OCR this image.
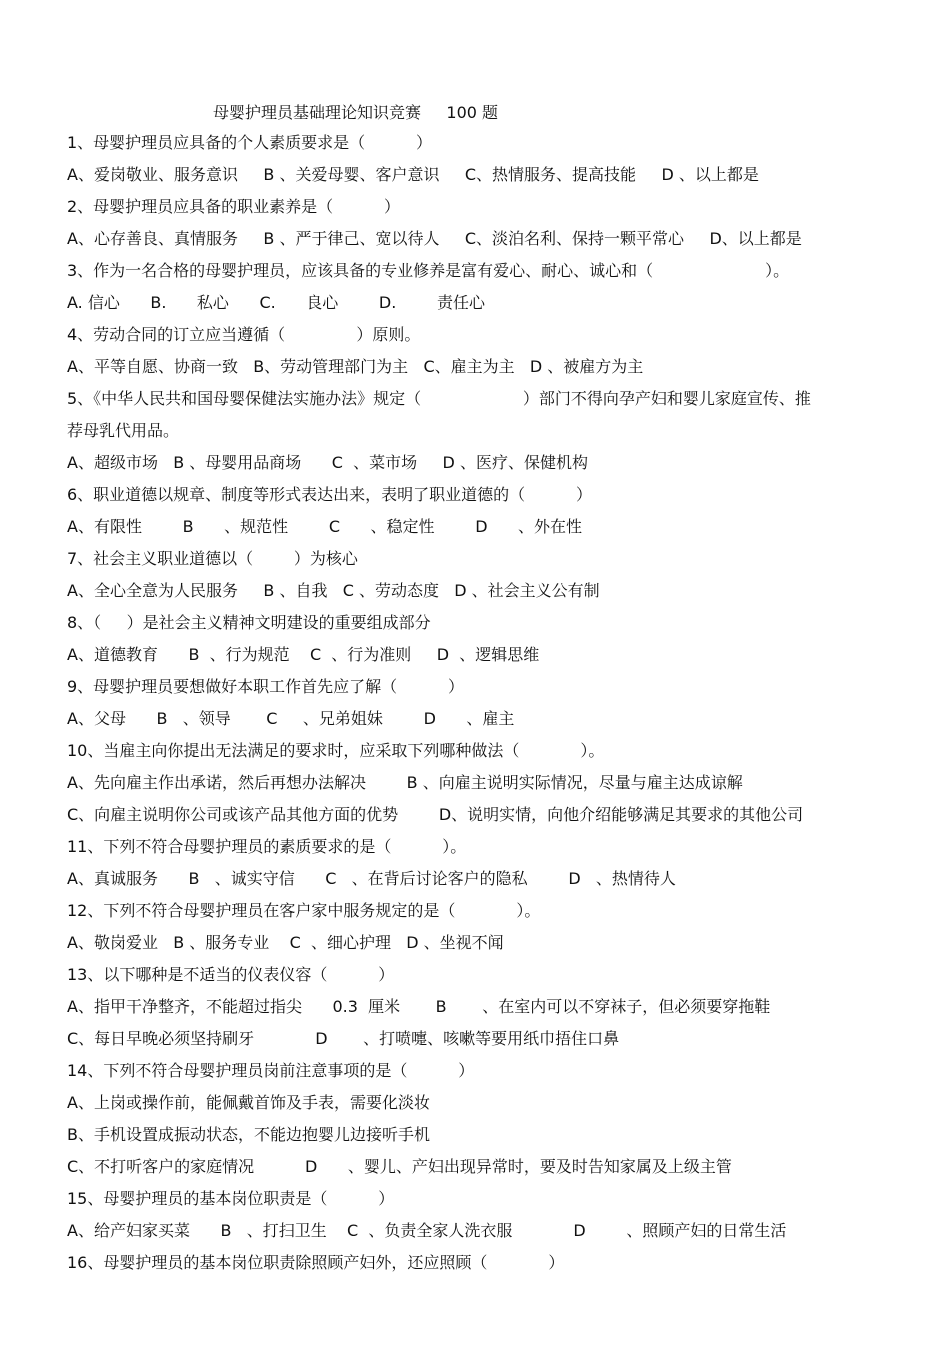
母婴护理员基础理论知识竞赛     100 题
1、母婴护理员应具备的个人素质要求是（          ）
A、爱岗敬业、服务意识     B 、关爱母婴、客户意识     C、热情服务、提高技能     D 、以上都是
2、母婴护理员应具备的职业素养是（          ）
A、心存善良、真情服务     B 、严于律己、宽以待人     C、淡泊名利、保持一颗平常心     D、以上都是
3、作为一名合格的母婴护理员，应该具备的专业修养是富有爱心、耐心、诚心和（                      ）。
A. 信心      B.      私心      C.      良心        D.        责任心
4、劳动合同的订立应当遵循（              ）原则。
A、平等自愿、协商一致   B、劳动管理部门为主   C、雇主为主   D 、被雇方为主
5、《中华人民共和国母婴保健法实施办法》规定（                    ）部门不得向孕产妇和婴儿家庭宣传、推
荐母乳代用品。
A、超级市场   B 、母婴用品商场      C  、菜市场     D 、医疗、保健机构
6、职业道德以规章、制度等形式表达出来，表明了职业道德的（          ）
A、有限性        B      、规范性        C      、稳定性        D      、外在性
7、社会主义职业道德以（        ）为核心
A、全心全意为人民服务     B 、自我   C 、劳动态度   D 、社会主义公有制
8、（     ）是社会主义精神文明建设的重要组成部分
A、道德教育      B  、行为规范    C  、行为准则     D  、逻辑思维
9、母婴护理员要想做好本职工作首先应了解（          ）
A、父母      B   、领导       C     、兄弟姐妹        D      、雇主
10、当雇主向你提出无法满足的要求时，应采取下列哪种做法（            ）。
A、先向雇主作出承诺，然后再想办法解决        B 、向雇主说明实际情况，尽量与雇主达成谅解
C、向雇主说明你公司或该产品其他方面的优势        D、说明实情，向他介绍能够满足其要求的其他公司
11、下列不符合母婴护理员的素质要求的是（          ）。
A、真诚服务      B   、诚实守信      C   、在背后讨论客户的隐私        D   、热情待人
12、下列不符合母婴护理员在客户家中服务规定的是（            ）。
A、敬岗爱业   B 、服务专业    C  、细心护理   D 、坐视不闻
13、以下哪种是不适当的仪表仪容（          ）
A、指甲干净整齐，不能超过指尖      0.3  厘米       B       、在室内可以不穿袜子，但必须要穿拖鞋
C、每日早晚必须坚持刷牙            D       、打喷嚏、咳嗽等要用纸巾捂住口鼻
14、下列不符合母婴护理员岗前注意事项的是（          ）
A、上岗或操作前，能佩戴首饰及手表，需要化淡妆
B、手机设置成振动状态，不能边抱婴儿边接听手机
C、不打听客户的家庭情况          D      、婴儿、产妇出现异常时，要及时告知家属及上级主管
15、母婴护理员的基本岗位职责是（          ）
A、给产妇家买菜      B   、打扫卫生    C  、负责全家人洗衣服            D        、照顾产妇的日常生活
16、母婴护理员的基本岗位职责除照顾产妇外，还应照顾（            ）
